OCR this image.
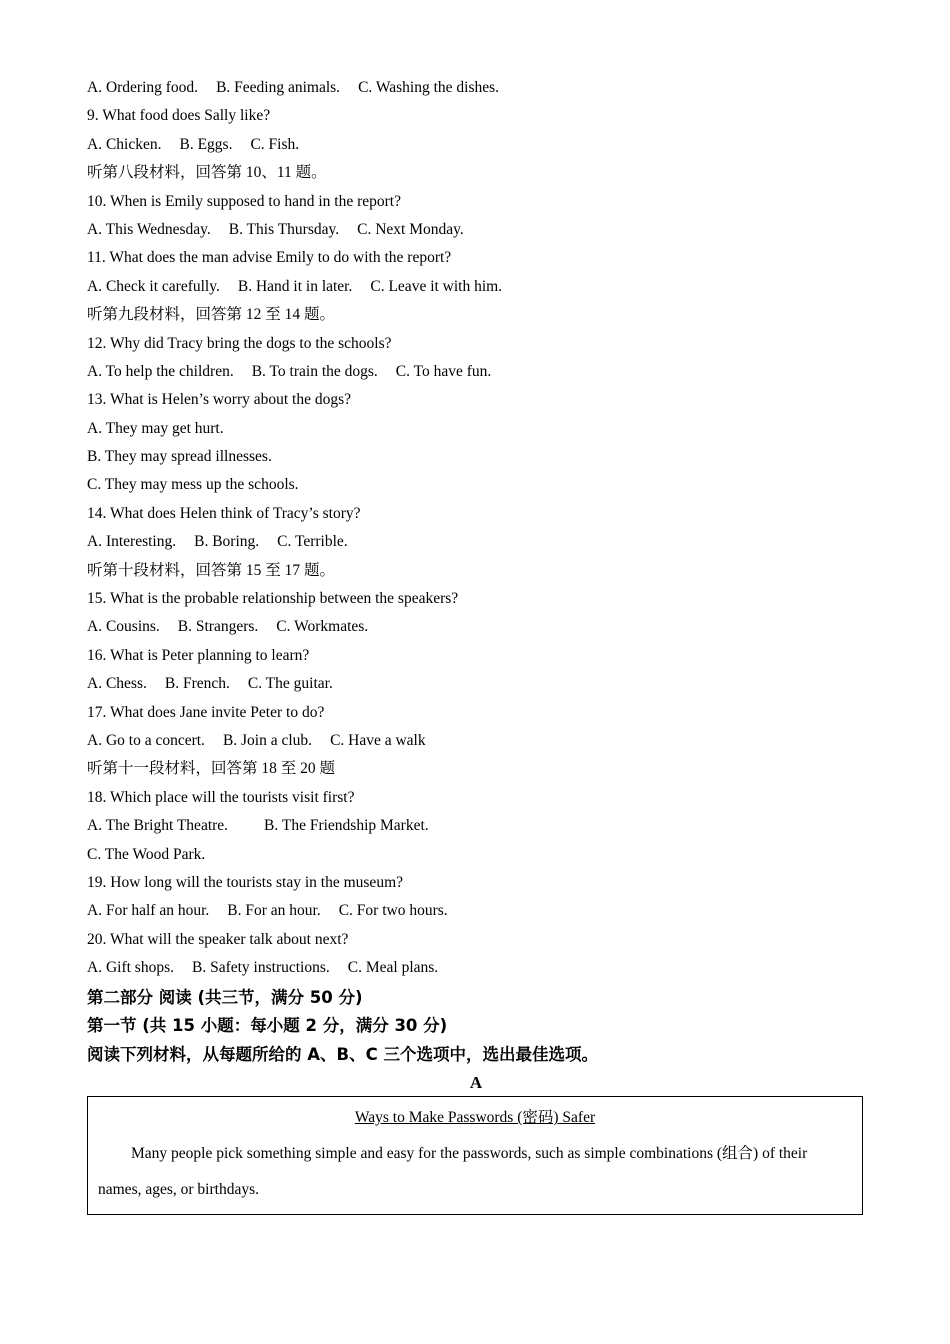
A. Ordering food. B. Feeding animals. C. Washing the dishes.
9. What food does Sally like?
A. Chicken. B. Eggs. C. Fish.
听第八段材料，回答第 10、11 题。
10. When is Emily supposed to hand in the report?
A. This Wednesday. B. This Thursday. C. Next Monday.
11. What does the man advise Emily to do with the report?
A. Check it carefully. B. Hand it in later. C. Leave it with him.
听第九段材料，回答第 12 至 14 题。
12. Why did Tracy bring the dogs to the schools?
A. To help the children. B. To train the dogs. C. To have fun.
13. What is Helen’s worry about the dogs?
A. They may get hurt.
B. They may spread illnesses.
C. They may mess up the schools.
14. What does Helen think of Tracy’s story?
A. Interesting. B. Boring. C. Terrible.
听第十段材料，回答第 15 至 17 题。
15. What is the probable relationship between the speakers?
A. Cousins. B. Strangers. C. Workmates.
16. What is Peter planning to learn?
A. Chess. B. French. C. The guitar.
17. What does Jane invite Peter to do?
A. Go to a concert. B. Join a club. C. Have a walk
听第十一段材料，回答第 18 至 20 题
18. Which place will the tourists visit first?
A. The Bright Theatre. B. The Friendship Market.
C. The Wood Park.
19. How long will the tourists stay in the museum?
A. For half an hour. B. For an hour. C. For two hours.
20. What will the speaker talk about next?
A. Gift shops. B. Safety instructions. C. Meal plans.
第二部分 阅读 (共三节，满分 50 分)
第一节 (共 15 小题：每小题 2 分，满分 30 分)
阅读下列材料，从每题所给的 A、B、C 三个选项中，选出最佳选项。
A
Ways to Make Passwords (密码) Safer
Many people pick something simple and easy for the passwords, such as simple combinations (组合) of their names, ages, or birthdays.
